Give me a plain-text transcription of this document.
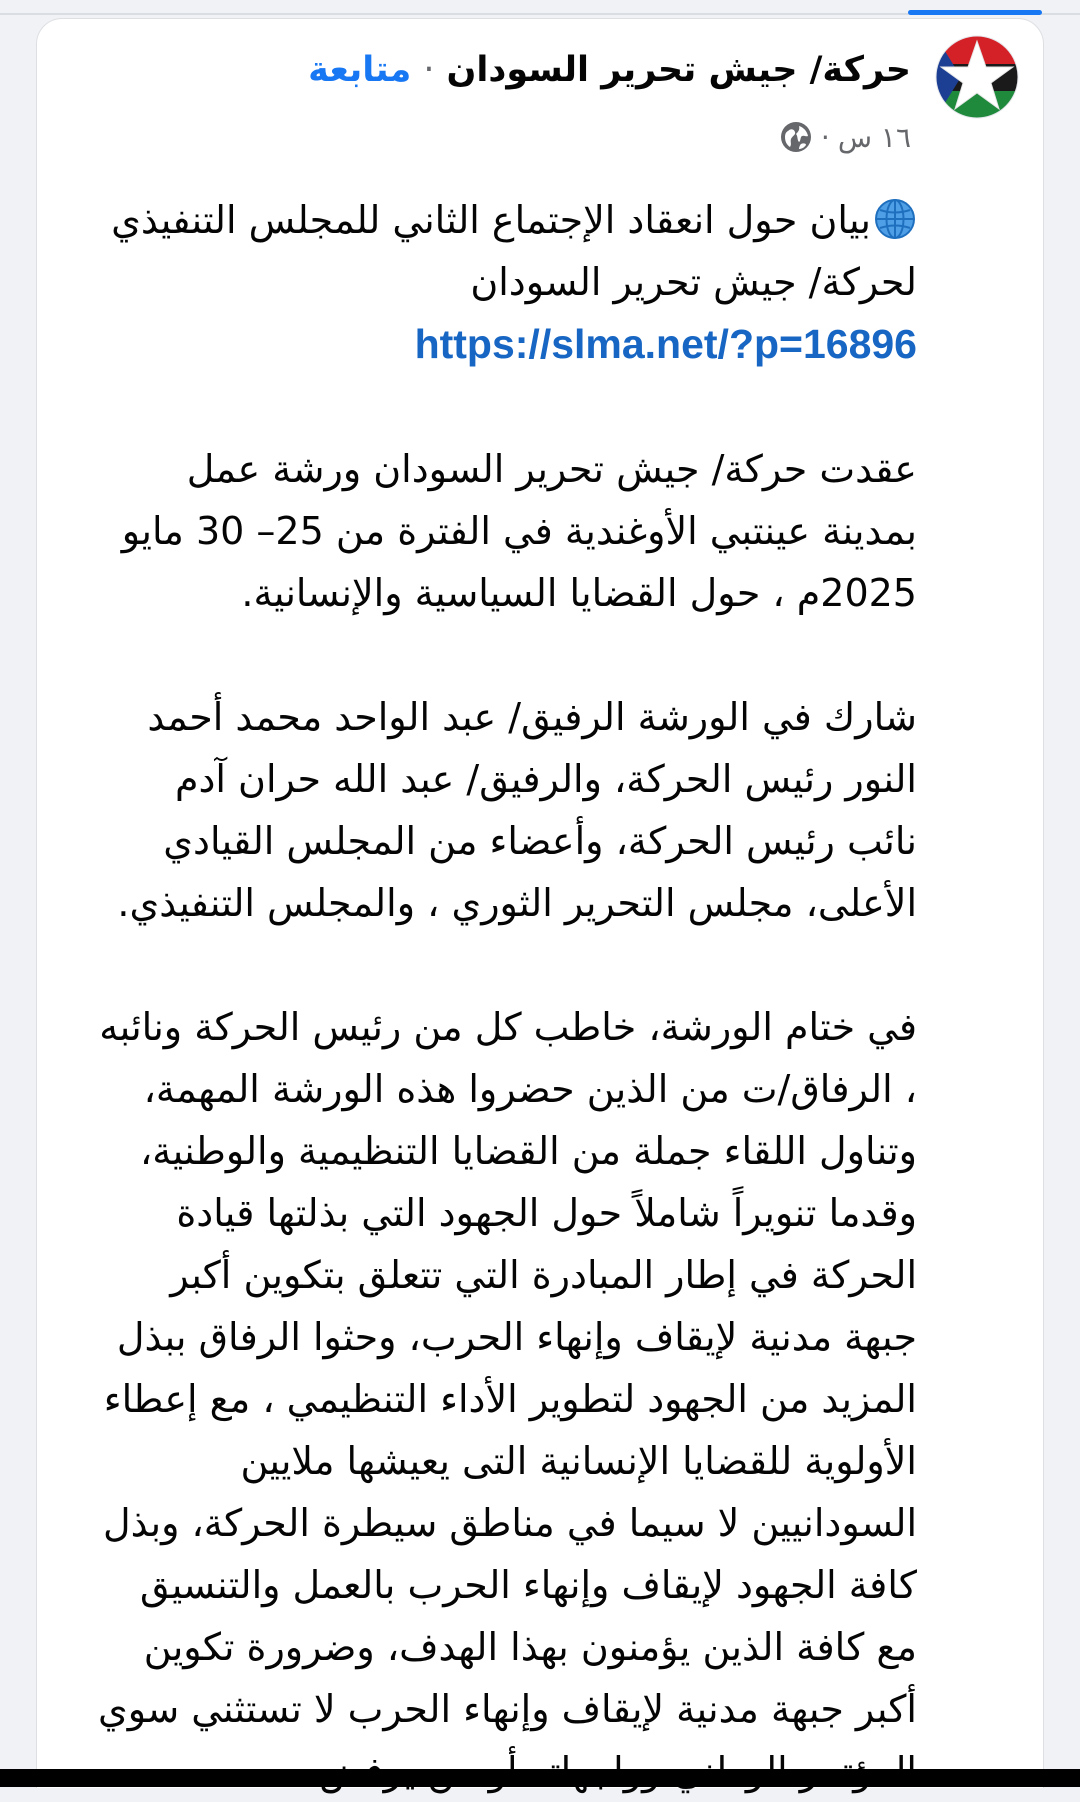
حركة/ جيش تحرير السودان·متابعة
١٦ س
·

بيان حول انعقاد الإجتماع الثاني للمجلس التنفيذي لحركة/ جيش تحرير السودان

https://slma.net/?p=16896

عقدت حركة/ جيش تحرير السودان ورشة عمل بمدينة عينتبي الأوغندية في الفترة من 25– 30 مايو 2025م ، حول القضايا السياسية والإنسانية.

شارك في الورشة الرفيق/ عبد الواحد محمد أحمد النور رئيس الحركة، والرفيق/ عبد الله حران آدم نائب رئيس الحركة، وأعضاء من المجلس القيادي الأعلى، مجلس التحرير الثوري ، والمجلس التنفيذي.

في ختام الورشة، خاطب كل من رئيس الحركة ونائبه ، الرفاق/ت من الذين حضروا هذه الورشة المهمة، وتناول اللقاء جملة من القضايا التنظيمية والوطنية، وقدما تنويراً شاملاً حول الجهود التي بذلتها قيادة الحركة في إطار المبادرة التي تتعلق بتكوين أكبر جبهة مدنية لإيقاف وإنهاء الحرب، وحثوا الرفاق ببذل المزيد من الجهود لتطوير الأداء التنظيمي ، مع إعطاء الأولوية للقضايا الإنسانية التى يعيشها ملايين السودانيين لا سيما في مناطق سيطرة الحركة، وبذل كافة الجهود لإيقاف وإنهاء الحرب بالعمل والتنسيق مع كافة الذين يؤمنون بهذا الهدف، وضرورة تكوين أكبر جبهة مدنية لإيقاف وإنهاء الحرب لا تستثني سوي
